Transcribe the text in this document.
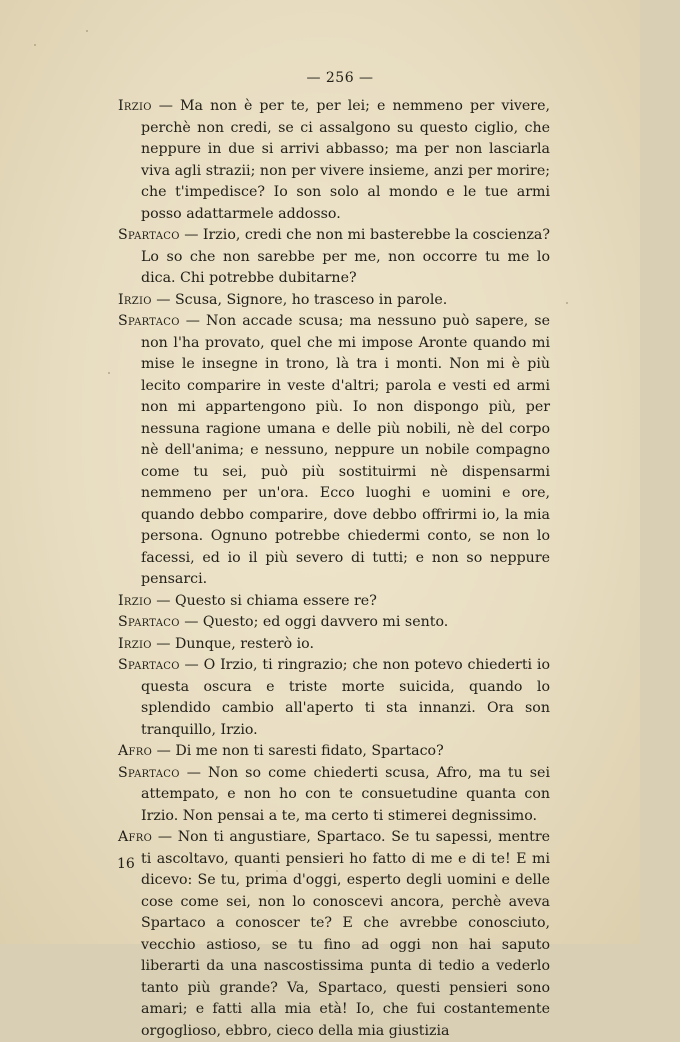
— 256 —

Irzio — Ma non è per te, per lei; e nemmeno per vivere, perchè non credi, se ci assalgono su questo ciglio, che neppure in due si arrivi abbasso; ma per non lasciarla viva agli strazii; non per vivere insieme, anzi per morire; che t'impedisce? Io son solo al mondo e le tue armi posso adattarmele addosso.

Spartaco — Irzio, credi che non mi basterebbe la coscienza? Lo so che non sarebbe per me, non occorre tu me lo dica. Chi potrebbe dubitarne?

Irzio — Scusa, Signore, ho trasceso in parole.

Spartaco — Non accade scusa; ma nessuno può sapere, se non l'ha provato, quel che mi impose Aronte quando mi mise le insegne in trono, là tra i monti. Non mi è più lecito comparire in veste d'altri; parola e vesti ed armi non mi appartengono più. Io non dispongo più, per nessuna ragione umana e delle più nobili, nè del corpo nè dell'anima; e nessuno, neppure un nobile compagno come tu sei, può più sostituirmi nè dispensarmi nemmeno per un'ora. Ecco luoghi e uomini e ore, quando debbo comparire, dove debbo offrirmi io, la mia persona. Ognuno potrebbe chiedermi conto, se non lo facessi, ed io il più severo di tutti; e non so neppure pensarci.

Irzio — Questo si chiama essere re?

Spartaco — Questo; ed oggi davvero mi sento.

Irzio — Dunque, resterò io.

Spartaco — O Irzio, ti ringrazio; che non potevo chiederti io questa oscura e triste morte suicida, quando lo splendido cambio all'aperto ti sta innanzi. Ora son tranquillo, Irzio.

Afro — Di me non ti saresti fidato, Spartaco?

Spartaco — Non so come chiederti scusa, Afro, ma tu sei attempato, e non ho con te consuetudine quanta con Irzio. Non pensai a te, ma certo ti stimerei degnissimo.

Afro — Non ti angustiare, Spartaco. Se tu sapessi, mentre ti ascoltavo, quanti pensieri ho fatto di me e di te! E mi dicevo: Se tu, prima d'oggi, esperto degli uomini e delle cose come sei, non lo conoscevi ancora, perchè aveva Spartaco a conoscer te? E che avrebbe conosciuto, vecchio astioso, se tu fino ad oggi non hai saputo liberarti da una nascostissima punta di tedio a vederlo tanto più grande? Va, Spartaco, questi pensieri sono amari; e fatti alla mia età! Io, che fui costantemente orgoglioso, ebbro, cieco della mia giustizia

16
